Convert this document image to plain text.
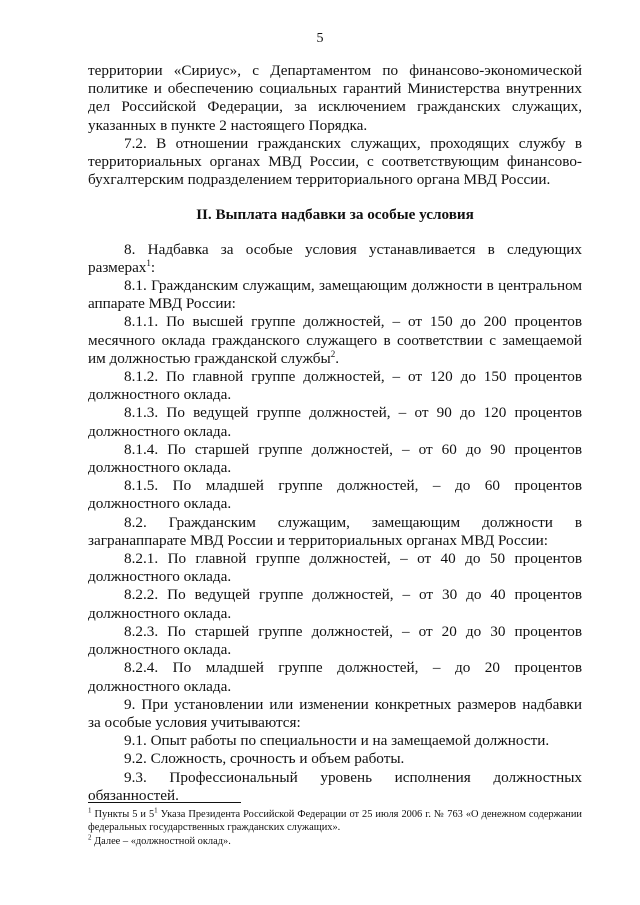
5

территории «Сириус», с Департаментом по финансово-экономической политике и обеспечению социальных гарантий Министерства внутренних дел Российской Федерации, за исключением гражданских служащих, указанных в пункте 2 настоящего Порядка.

7.2. В отношении гражданских служащих, проходящих службу в территориальных органах МВД России, с соответствующим финансово-бухгалтерским подразделением территориального органа МВД России.

II. Выплата надбавки за особые условия

8. Надбавка за особые условия устанавливается в следующих размерах$^1$:

8.1. Гражданским служащим, замещающим должности в центральном аппарате МВД России:

8.1.1. По высшей группе должностей, – от 150 до 200 процентов месячного оклада гражданского служащего в соответствии с замещаемой им должностью гражданской службы$^2$.

8.1.2. По главной группе должностей, – от 120 до 150 процентов должностного оклада.

8.1.3. По ведущей группе должностей, – от 90 до 120 процентов должностного оклада.

8.1.4. По старшей группе должностей, – от 60 до 90 процентов должностного оклада.

8.1.5. По младшей группе должностей, – до 60 процентов должностного оклада.

8.2. Гражданским служащим, замещающим должности в загранаппарате МВД России и территориальных органах МВД России:

8.2.1. По главной группе должностей, – от 40 до 50 процентов должностного оклада.

8.2.2. По ведущей группе должностей, – от 30 до 40 процентов должностного оклада.

8.2.3. По старшей группе должностей, – от 20 до 30 процентов должностного оклада.

8.2.4. По младшей группе должностей, – до 20 процентов должностного оклада.

9. При установлении или изменении конкретных размеров надбавки за особые условия учитываются:

9.1. Опыт работы по специальности и на замещаемой должности.

9.2. Сложность, срочность и объем работы.

9.3. Профессиональный уровень исполнения должностных обязанностей.

$^1$ Пункты 5 и $5^1$ Указа Президента Российской Федерации от 25 июля 2006 г. № 763 «О денежном содержании федеральных государственных гражданских служащих».

$^2$ Далее – «должностной оклад».
